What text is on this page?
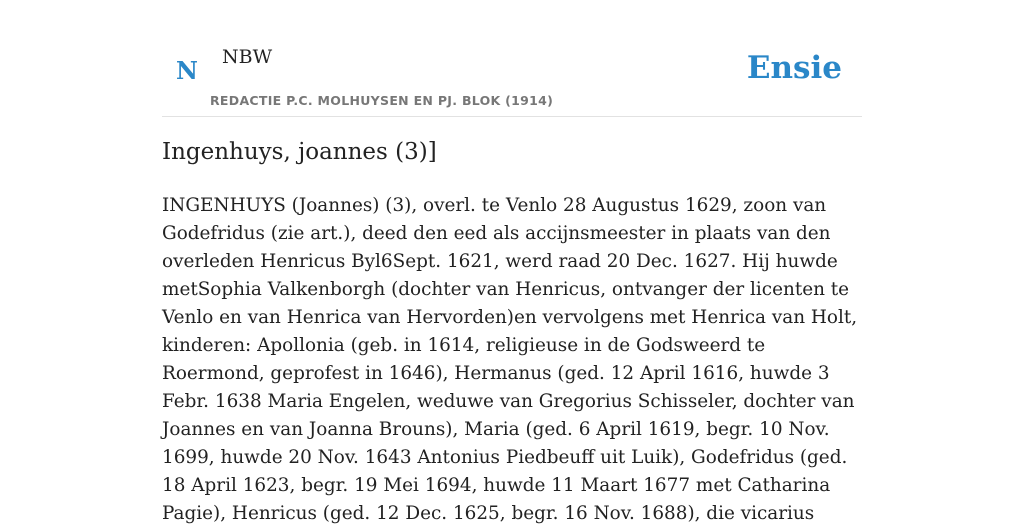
N NBW
REDACTIE P.C. MOLHUYSEN EN PJ. BLOK (1914)
Ensie
Ingenhuys, joannes (3)]

INGENHUYS (Joannes) (3), overl. te Venlo 28 Augustus 1629, zoon van Godefridus (zie art.), deed den eed als accijnsmeester in plaats van den overleden Henricus Byl6Sept. 1621, werd raad 20 Dec. 1627. Hij huwde metSophia Valkenborgh (dochter van Henricus, ontvanger der licenten te Venlo en van Henrica van Hervorden)en vervolgens met Henrica van Holt, kinderen: Apollonia (geb. in 1614, religieuse in de Godsweerd te Roermond, geprofest in 1646), Hermanus (ged. 12 April 1616, huwde 3 Febr. 1638 Maria Engelen, weduwe van Gregorius Schisseler, dochter van Joannes en van Joanna Brouns), Maria (ged. 6 April 1619, begr. 10 Nov. 1699, huwde 20 Nov. 1643 Antonius Piedbeuff uit Luik), Godefridus (ged. 18 April 1623, begr. 19 Mei 1694, huwde 11 Maart 1677 met Catharina Pagie), Henricus (ged. 12 Dec. 1625, begr. 16 Nov. 1688), die vicarius
